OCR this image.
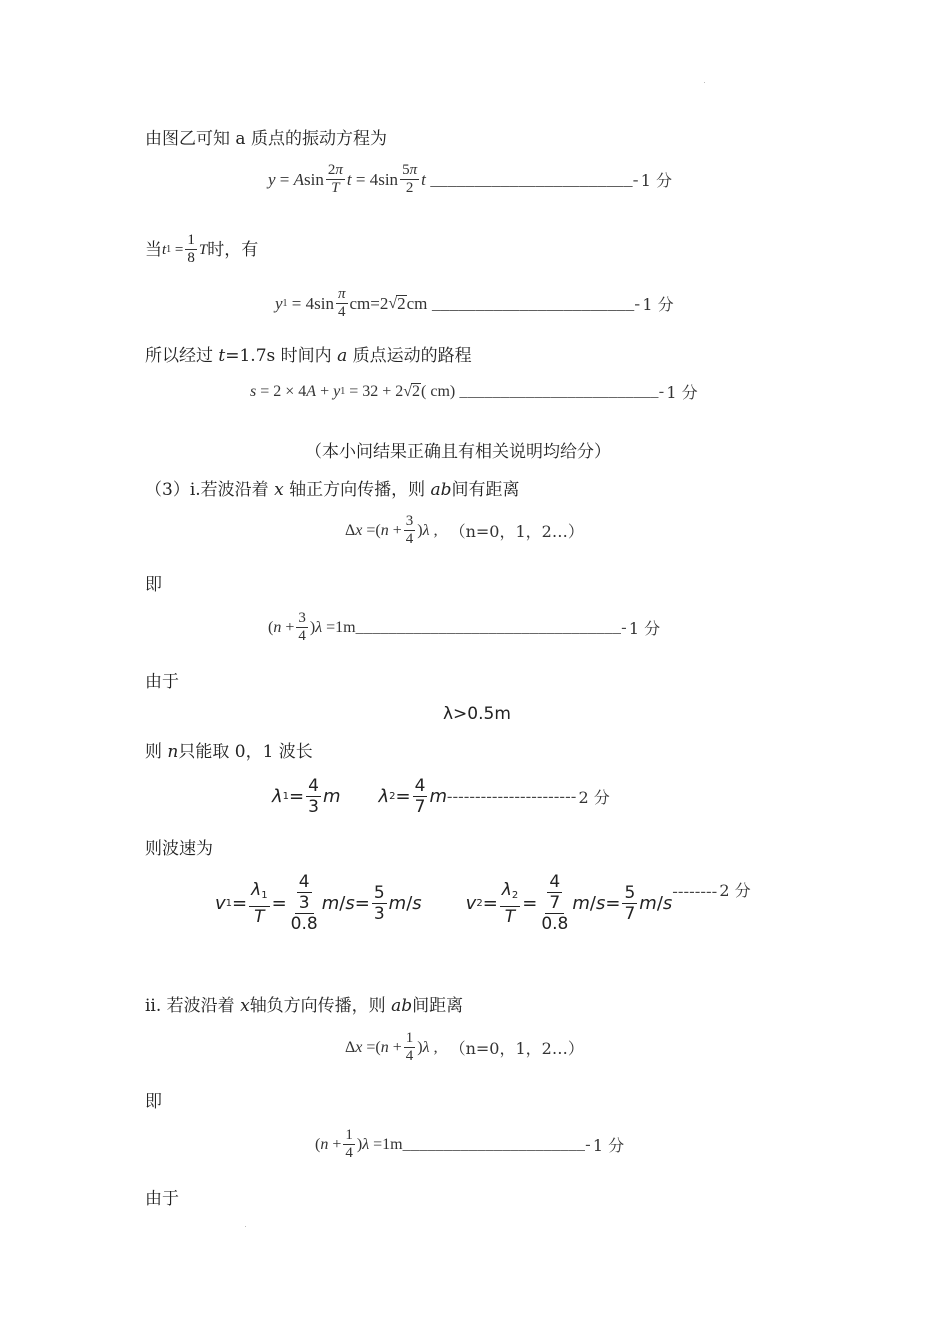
由图乙可知 a 质点的振动方程为
y = A $\sin \frac{2\pi}{T}$ $t = 4\sin \frac{5\pi}{2}$ t _______________________- 1 分
当 t $1 = \frac{1}{8}$ T 时，有
y $1 = 4\sin \frac{\pi}{4} cm=2$ √ 2 cm _______________________- 1 分
所以经过 t=1.7s 时间内 a 质点运动的路程
s = 2 × 4 A + y 1 = 32 + 2 √ 2 ( cm) ________________________- 1 分
（本小问结果正确且有相关说明均给分）
（3）i.若波沿着 x 轴正方向传播，则 ab间有距离
Δ x =( $n + \frac{3}{4}$ ) λ , （n=0，1，2…）
即
( $n + \frac{3}{4}$ ) λ =1m ________________________________- 1 分
由于
λ>0.5m
则 n只能取 0，1 波长
λ $1 = \frac{4}{3}$ m λ $2 = \frac{4}{7}$ m ----------------------- 2 分
则波速为
v $1 = \frac{\lambda_1}{T} = \frac{\frac{4}{3}}{0.8}$ $m / s = \frac{5}{3}$ m / s v $2 = \frac{\lambda_2}{T} = \frac{\frac{4}{7}}{0.8}$ $m / s = \frac{5}{7}$ m / s
-------- 2 分
ii. 若波沿着 x轴负方向传播，则 ab间距离
Δ x =( $n + \frac{1}{4}$ ) λ , （n=0，1，2…）
即
( $n + \frac{1}{4}$ ) λ =1m ______________________- 1 分
由于
